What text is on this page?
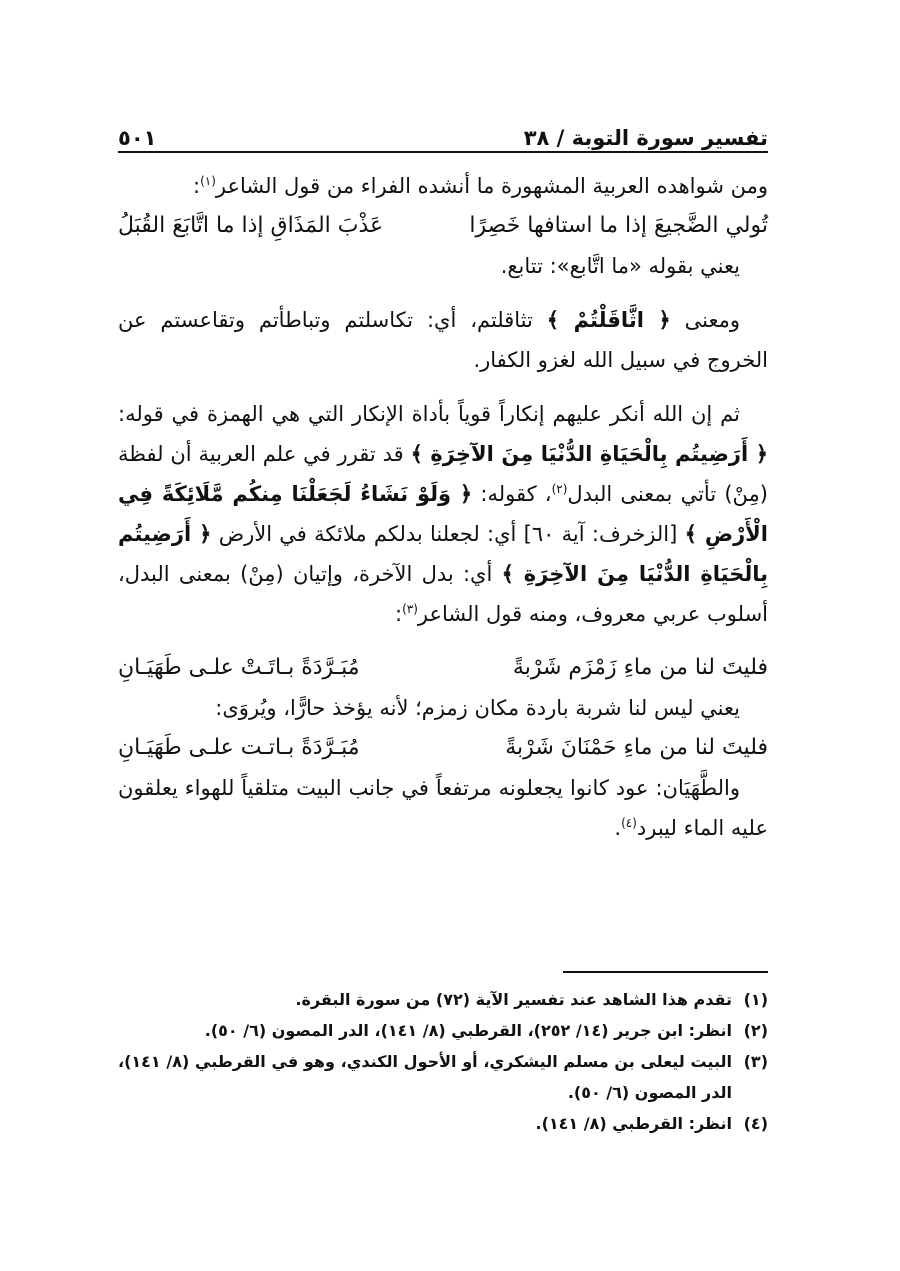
تفسير سورة التوبة / ٣٨
٥٠١

ومن شواهده العربية المشهورة ما أنشده الفراء من قول الشاعر$^{(١)}$:

تُولي الضَّجيعَ إذا ما استافها خَصِرًا
عَذْبَ المَذَاقِ إذا ما اتَّابَعَ القُبَلُ

يعني بقوله «ما اتَّابع»: تتابع.

ومعنى ﴿ اثَّاقَلْتُمْ ﴾ تثاقلتم، أي: تكاسلتم وتباطأتم وتقاعستم عن الخروج في سبيل الله لغزو الكفار.

ثم إن الله أنكر عليهم إنكاراً قوياً بأداة الإنكار التي هي الهمزة في قوله: ﴿ أَرَضِيتُم بِالْحَيَاةِ الدُّنْيَا مِنَ الآخِرَةِ ﴾ قد تقرر في علم العربية أن لفظة (مِنْ) تأتي بمعنى البدل$^{(٢)}$، كقوله: ﴿ وَلَوْ نَشَاءُ لَجَعَلْنَا مِنكُم مَّلَائِكَةً فِي الْأَرْضِ ﴾ [الزخرف: آية ٦٠] أي: لجعلنا بدلكم ملائكة في الأرض ﴿ أَرَضِيتُم بِالْحَيَاةِ الدُّنْيَا مِنَ الآخِرَةِ ﴾ أي: بدل الآخرة، وإتيان (مِنْ) بمعنى البدل، أسلوب عربي معروف، ومنه قول الشاعر$^{(٣)}$:

فليتَ لنا من ماءِ زَمْزَم شَرْبةً
مُبَـرَّدَةً بـاتَـتْ علـى طَهَيَـانِ

يعني ليس لنا شربة باردة مكان زمزم؛ لأنه يؤخذ حارًّا، ويُروَى:

فليتَ لنا من ماءِ حَمْنَانَ شَرْبةً
مُبَـرَّدَةً بـاتـت علـى طَهَيَـانِ

والطَّهَيَان: عود كانوا يجعلونه مرتفعاً في جانب البيت متلقياً للهواء يعلقون عليه الماء ليبرد$^{(٤)}$.

(١)
تقدم هذا الشاهد عند تفسير الآية (٧٢) من سورة البقرة.
(٢)
انظر: ابن جرير (١٤/ ٢٥٢)، القرطبي (٨/ ١٤١)، الدر المصون (٦/ ٥٠).
(٣)
البيت ليعلى بن مسلم اليشكري، أو الأحول الكندي، وهو في القرطبي (٨/ ١٤١)، الدر المصون (٦/ ٥٠).
(٤)
انظر: القرطبي (٨/ ١٤١).
